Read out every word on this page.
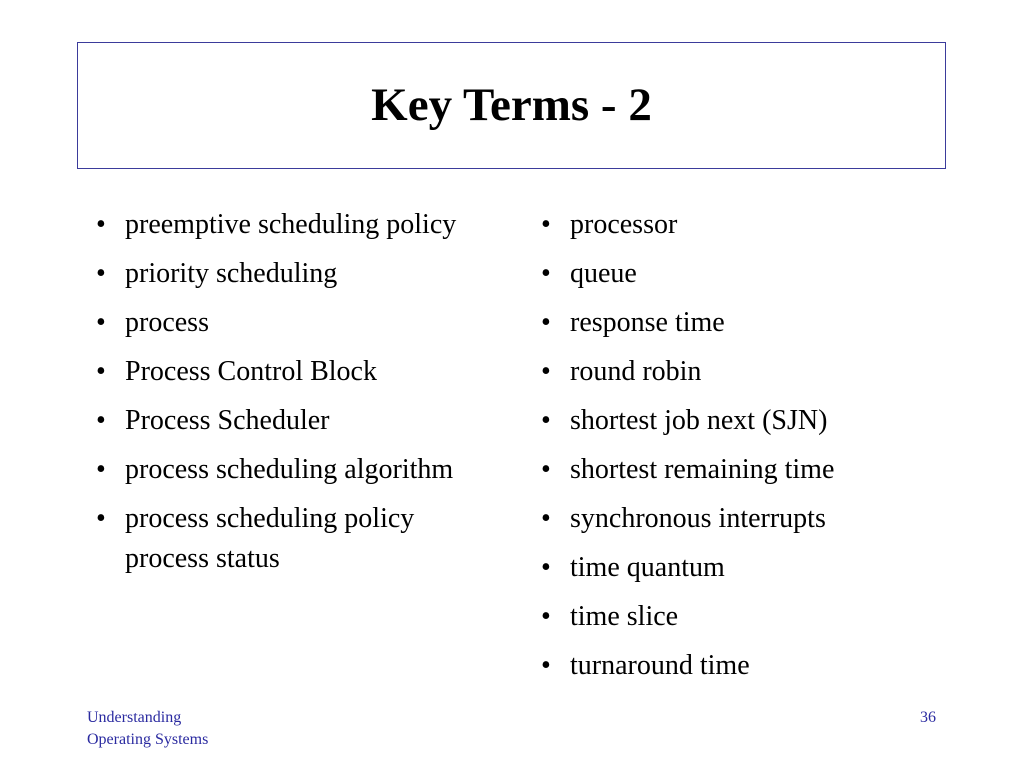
Key Terms - 2
• preemptive scheduling policy
• priority scheduling
• process
• Process Control Block
• Process Scheduler
• process scheduling algorithm
• process scheduling policy process status
• processor
• queue
• response time
• round robin
• shortest job next (SJN)
• shortest remaining time
• synchronous interrupts
• time quantum
• time slice
• turnaround time
Understanding
Operating Systems
36
